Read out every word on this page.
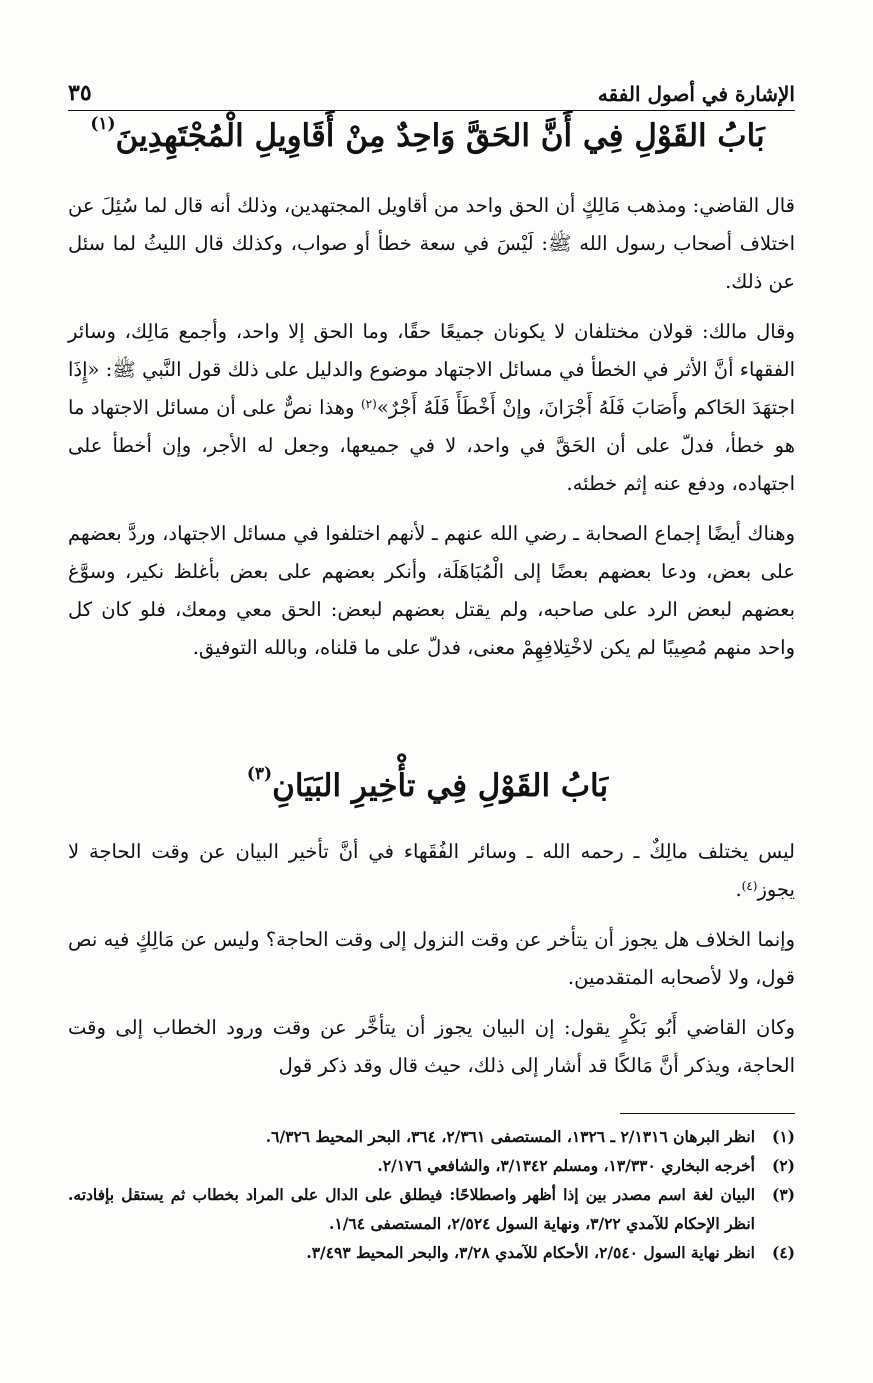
الإشارة في أصول الفقه
٣٥
بَابُ القَوْلِ فِي أَنَّ الحَقَّ وَاحِدٌ مِنْ أَقَاوِيلِ الْمُجْتَهِدِينَ$^{(١)}$

قال القاضي: ومذهب مَالِكٍ أن الحق واحد من أقاويل المجتهدين، وذلك أنه قال لما سُئِلَ عن اختلاف أصحاب رسول الله ﷺ: لَيْسَ في سعة خطأ أو صواب، وكذلك قال الليثُ لما سئل عن ذلك.

وقال مالك: قولان مختلفان لا يكونان جميعًا حقًا، وما الحق إلا واحد، وأجمع مَالِك، وسائر الفقهاء أنَّ الأثر في الخطأ في مسائل الاجتهاد موضوع والدليل على ذلك قول النَّبي ﷺ: «إِذَا اجتهَدَ الحَاكم وأَصَابَ فَلَهُ أَجْرَانَ، وإنْ أَخْطَأَ فَلَهُ أَجْرٌ»$^{(٢)}$ وهذا نصٌّ على أن مسائل الاجتهاد ما هو خطأ، فدلّ على أن الحَقَّ في واحد، لا في جميعها، وجعل له الأجر، وإن أخطأ على اجتهاده، ودفع عنه إثم خطئه.

وهناك أيضًا إجماع الصحابة ـ رضي الله عنهم ـ لأنهم اختلفوا في مسائل الاجتهاد، وردَّ بعضهم على بعض، ودعا بعضهم بعضًا إلى الْمُبَاهَلَة، وأنكر بعضهم على بعض بأغلظ نكير، وسوَّغ بعضهم لبعض الرد على صاحبه، ولم يقتل بعضهم لبعض: الحق معي ومعك، فلو كان كل واحد منهم مُصِيبًا لم يكن لاخْتِلافِهِمْ معنى، فدلّ على ما قلناه، وبالله التوفيق.

بَابُ القَوْلِ فِي تأْخِيرِ البَيَانِ$^{(٣)}$

ليس يختلف مالِكٌ ـ رحمه الله ـ وسائر الفُقَهاء في أنَّ تأخير البيان عن وقت الحاجة لا يجوز$^{(٤)}$.

وإنما الخلاف هل يجوز أن يتأخر عن وقت النزول إلى وقت الحاجة؟ وليس عن مَالِكٍ فيه نص قول، ولا لأصحابه المتقدمين.

وكان القاضي أَبُو بَكْرٍ يقول: إن البيان يجوز أن يتأخَّر عن وقت ورود الخطاب إلى وقت الحاجة، ويذكر أنَّ مَالكًا قد أشار إلى ذلك، حيث قال وقد ذكر قول

(١)
انظر البرهان ٢/١٣١٦ ـ ١٣٢٦، المستصفى ٢/٣٦١، ٣٦٤، البحر المحيط ٦/٣٢٦.
(٢)
أخرجه البخاري ١٣/٣٣٠، ومسلم ٣/١٣٤٢، والشافعي ٢/١٧٦.
(٣)
البيان لغة اسم مصدر بين إذا أظهر واصطلاحًا: فيطلق على الدال على المراد بخطاب ثم يستقل بإفادته. انظر الإحكام للآمدي ٣/٢٢، ونهاية السول ٢/٥٢٤، المستصفى ١/٦٤.
(٤)
انظر نهاية السول ٢/٥٤٠، الأحكام للآمدي ٣/٢٨، والبحر المحيط ٣/٤٩٣.
